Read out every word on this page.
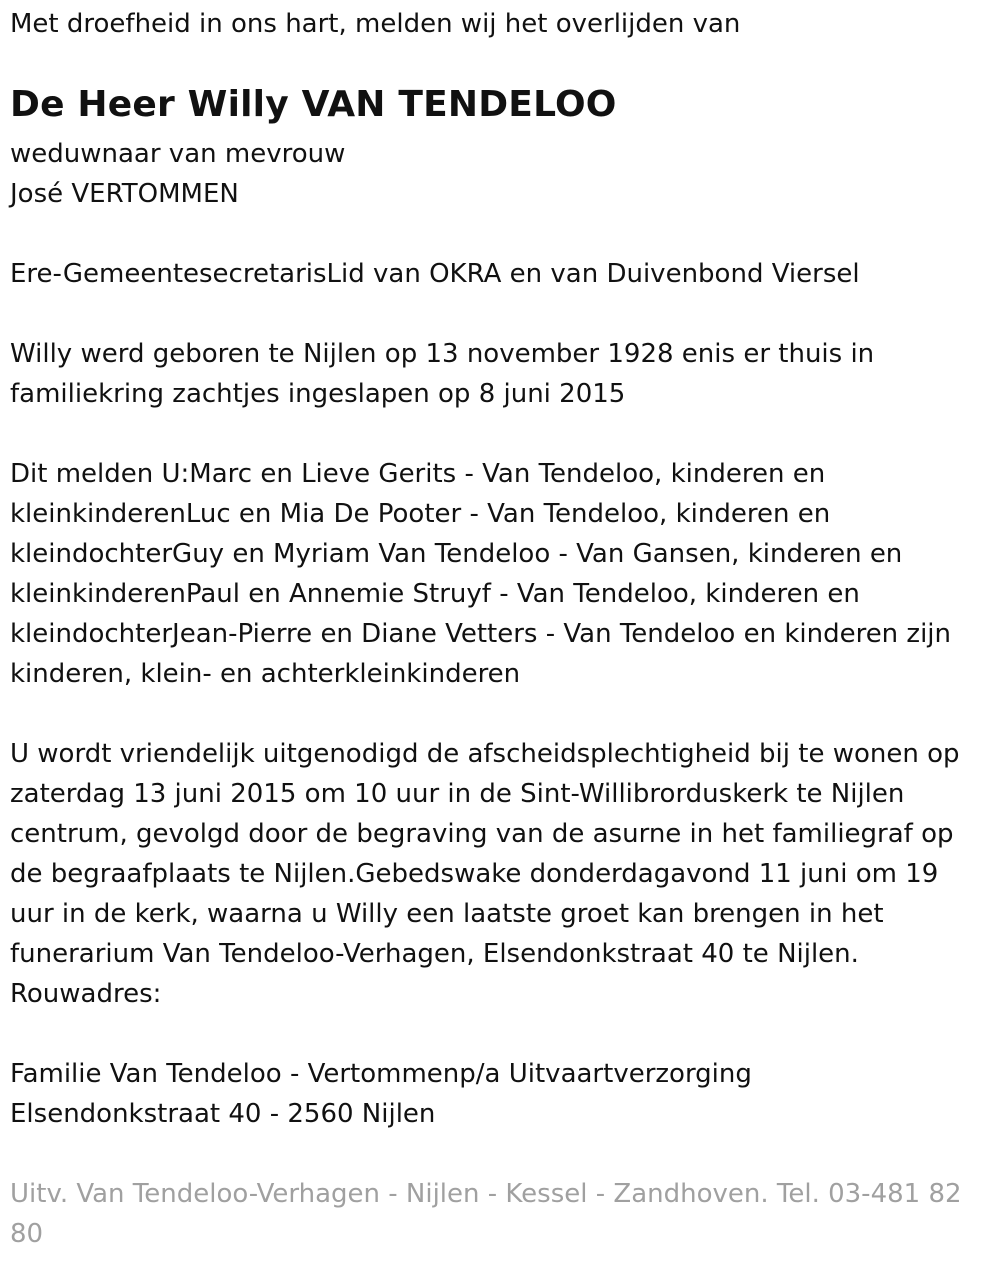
Met droefheid in ons hart, melden wij het overlijden van

De Heer Willy VAN TENDELOO

weduwnaar van mevrouw

José VERTOMMEN

Ere-GemeentesecretarisLid van OKRA en van Duivenbond Viersel

Willy werd geboren te Nijlen op 13 november 1928 enis er thuis in familiekring zachtjes ingeslapen op 8 juni 2015

Dit melden U:Marc en Lieve Gerits - Van Tendeloo, kinderen en

kleinkinderenLuc en Mia De Pooter - Van Tendeloo, kinderen en

kleindochterGuy en Myriam Van Tendeloo - Van Gansen, kinderen en

kleinkinderenPaul en Annemie Struyf - Van Tendeloo, kinderen en

kleindochterJean-Pierre en Diane Vetters - Van Tendeloo en kinderen zijn

kinderen, klein- en achterkleinkinderen

U wordt vriendelijk uitgenodigd de afscheidsplechtigheid bij te wonen op

zaterdag 13 juni 2015 om 10 uur in de Sint-Willibrorduskerk te Nijlen

centrum, gevolgd door de begraving van de asurne in het familiegraf op

de begraafplaats te Nijlen.Gebedswake donderdagavond 11 juni om 19

uur in de kerk, waarna u Willy een laatste groet kan brengen in het

funerarium Van Tendeloo-Verhagen, Elsendonkstraat 40 te Nijlen.

Rouwadres:

Familie Van Tendeloo - Vertommenp/a Uitvaartverzorging

Elsendonkstraat 40 - 2560 Nijlen

Uitv. Van Tendeloo-Verhagen - Nijlen - Kessel - Zandhoven. Tel. 03-481 82 80
